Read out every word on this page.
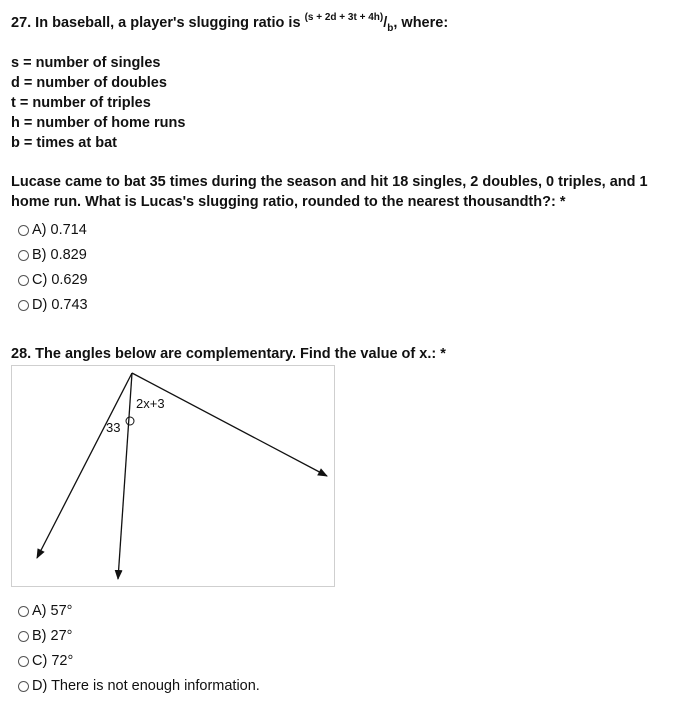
27. In baseball, a player's slugging ratio is $^{(s + 2d + 3t + 4h)}/_b$, where:
s = number of singles
d = number of doubles
t = number of triples
h = number of home runs
b = times at bat
Lucase came to bat 35 times during the season and hit 18 singles, 2 doubles, 0 triples, and 1 home run. What is Lucas's slugging ratio, rounded to the nearest thousandth?: *
A) 0.714
B) 0.829
C) 0.629
D) 0.743
28. The angles below are complementary. Find the value of x.: *
33
2x+3
A) 57°
B) 27°
C) 72°
D) There is not enough information.
